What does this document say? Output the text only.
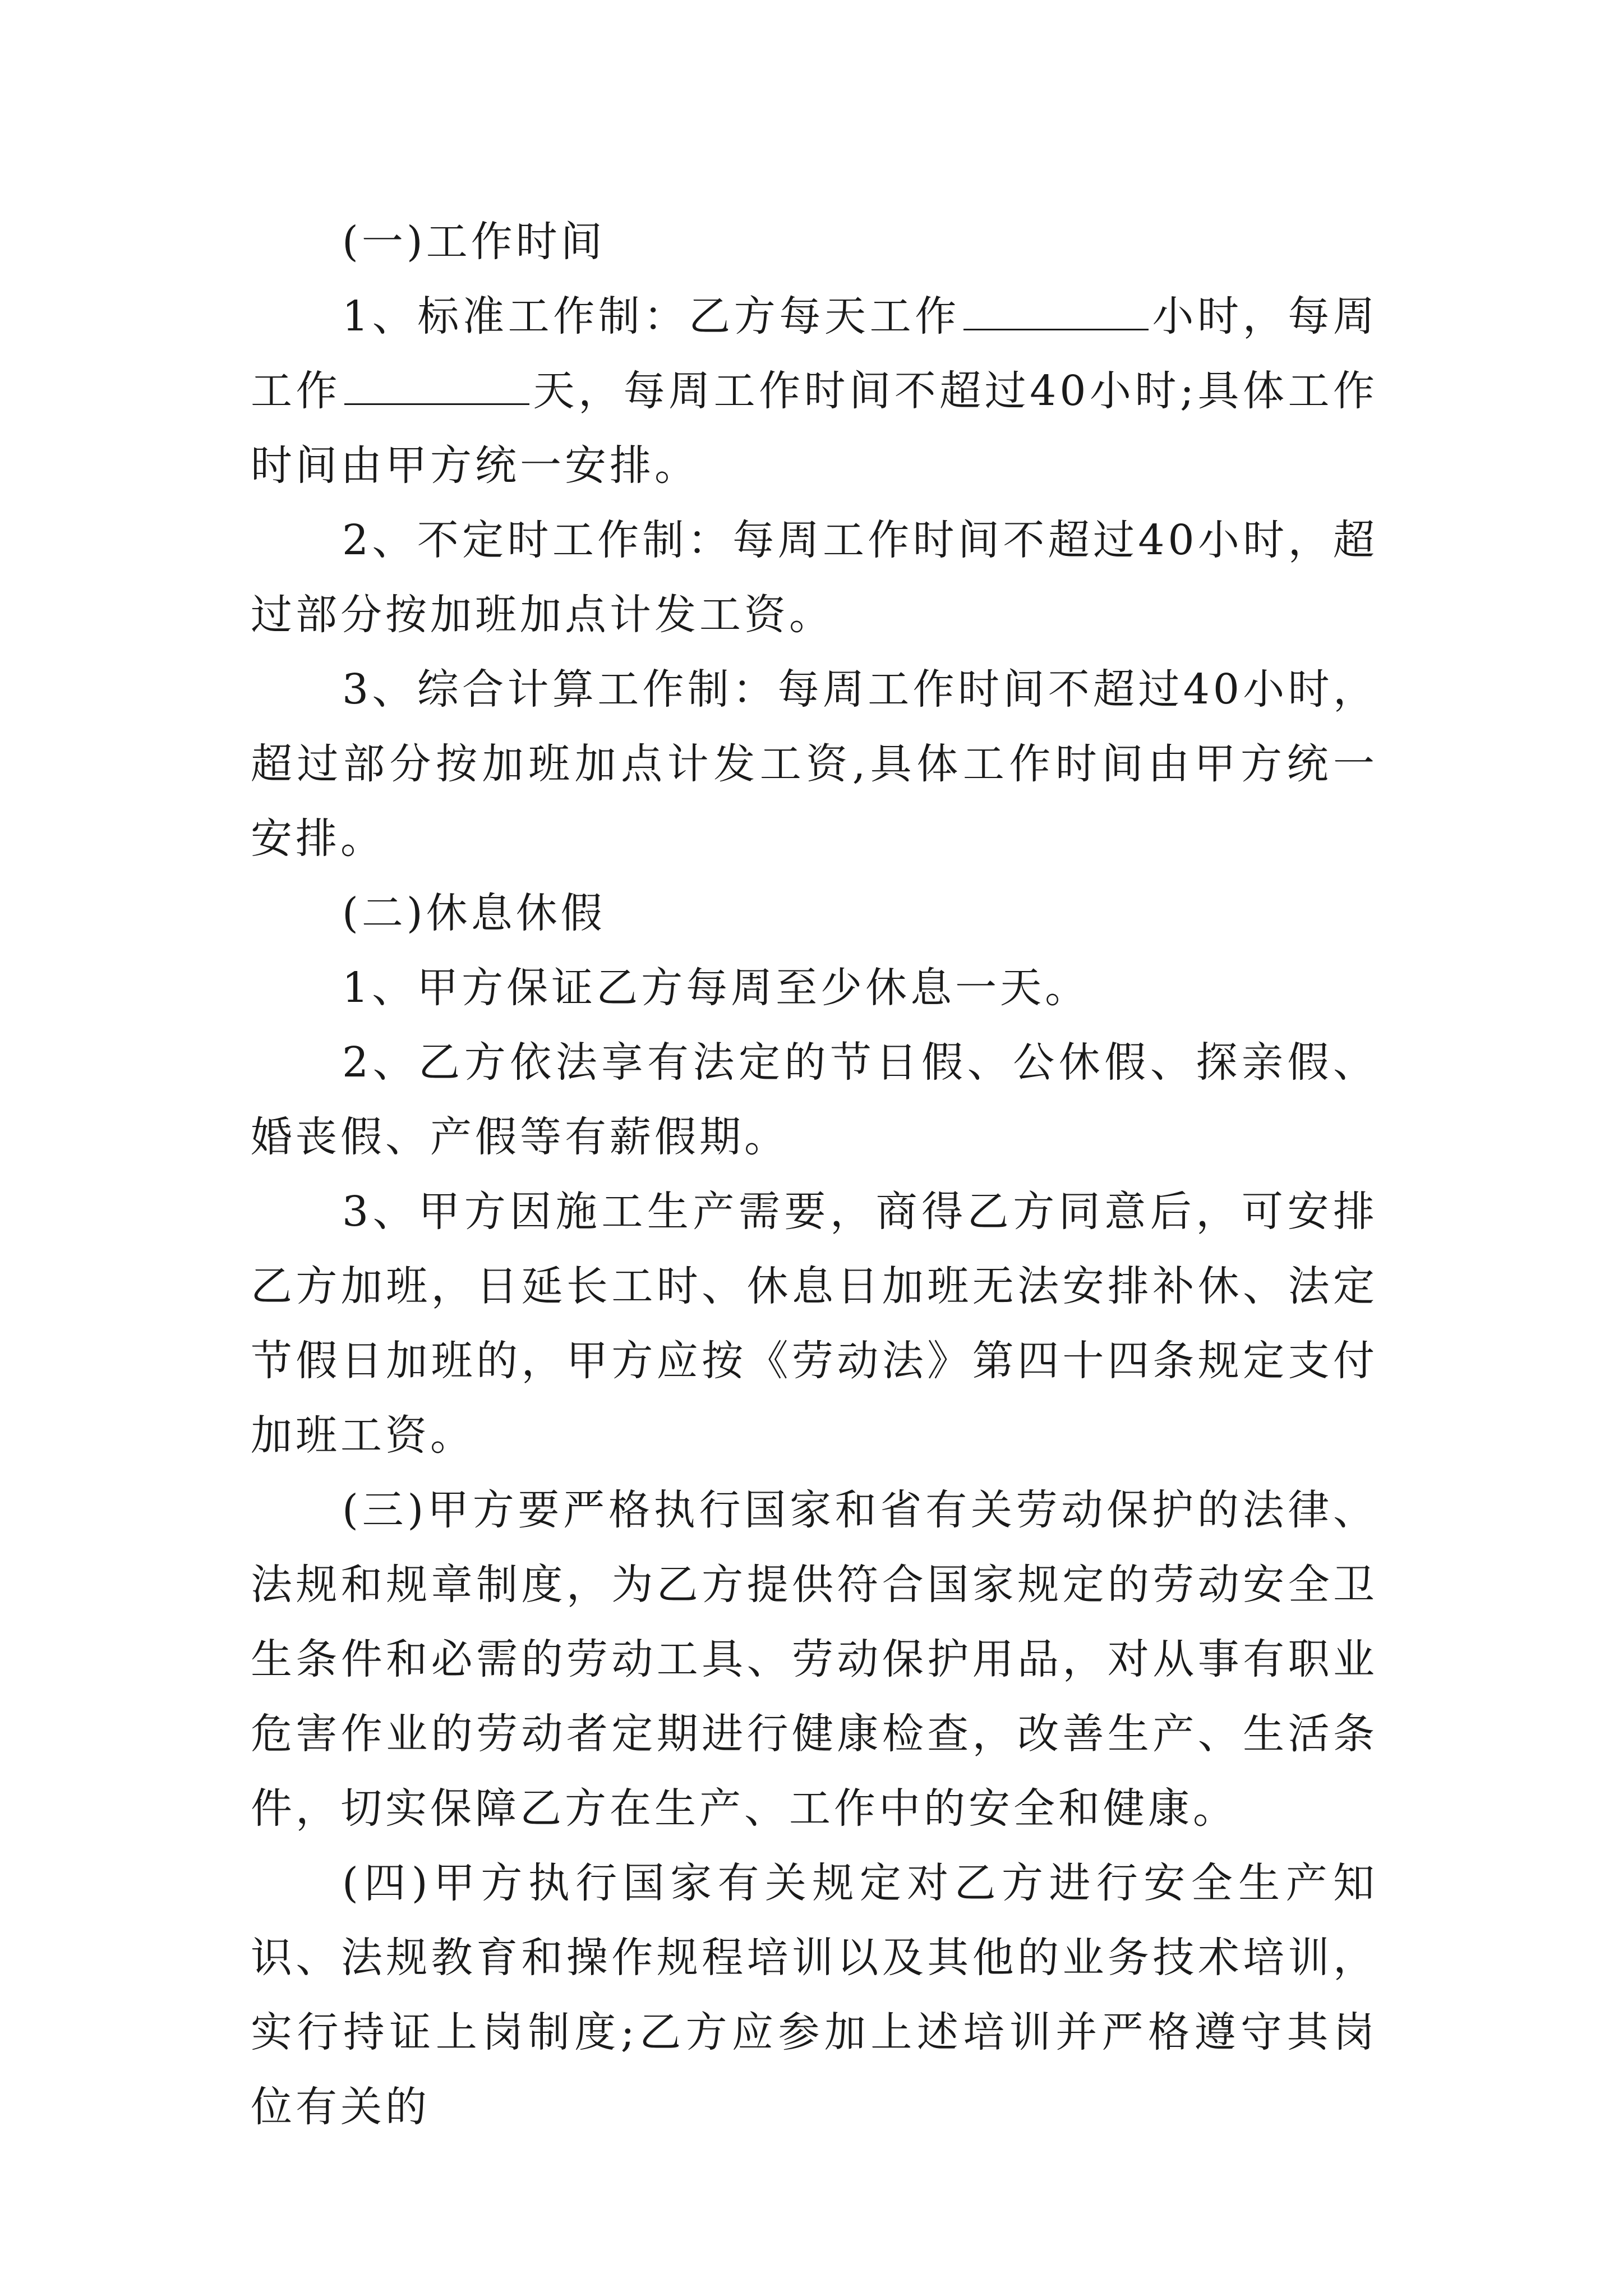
(一)工作时间

1、标准工作制：乙方每天工作	小时，每周工作	天，每周工作时间不超过40小时;具体工作时间由甲方统一安排。

2、不定时工作制：每周工作时间不超过40小时，超过部分按加班加点计发工资。

3、综合计算工作制：每周工作时间不超过40小时，超过部分按加班加点计发工资,具体工作时间由甲方统一安排。

(二)休息休假

1、甲方保证乙方每周至少休息一天。

2、乙方依法享有法定的节日假、公休假、探亲假、婚丧假、产假等有薪假期。

3、甲方因施工生产需要，商得乙方同意后，可安排乙方加班，日延长工时、休息日加班无法安排补休、法定节假日加班的，甲方应按《劳动法》第四十四条规定支付加班工资。

(三)甲方要严格执行国家和省有关劳动保护的法律、法规和规章制度，为乙方提供符合国家规定的劳动安全卫生条件和必需的劳动工具、劳动保护用品，对从事有职业危害作业的劳动者定期进行健康检查，改善生产、生活条件，切实保障乙方在生产、工作中的安全和健康。

(四)甲方执行国家有关规定对乙方进行安全生产知识、法规教育和操作规程培训以及其他的业务技术培训，实行持证上岗制度;乙方应参加上述培训并严格遵守其岗位有关的
